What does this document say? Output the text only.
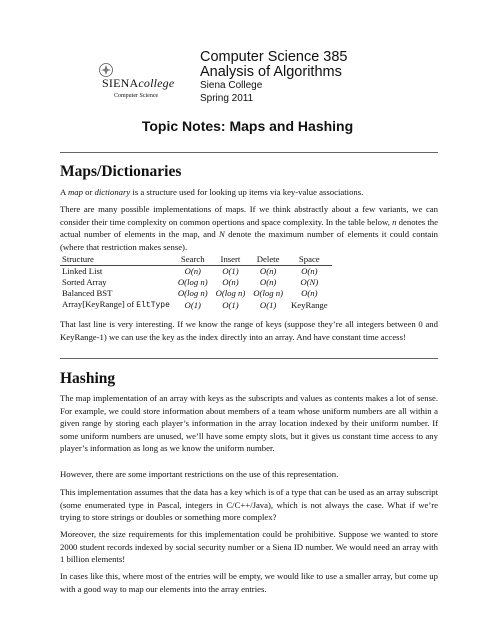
SIENAcollege
Computer Science
Computer Science 385
Analysis of Algorithms
Siena College
Spring 2011
Topic Notes: Maps and Hashing
Maps/Dictionaries

A map or dictionary is a structure used for looking up items via key-value associations.

There are many possible implementations of maps. If we think abstractly about a few variants, we can consider their time complexity on common opertions and space complexity. In the table below, n denotes the actual number of elements in the map, and N denote the maximum number of elements it could contain (where that restriction makes sense).

Structure	Search	Insert	Delete	Space
Linked List	O(n)	O(1)	O(n)	O(n)
Sorted Array	O(log n)	O(n)	O(n)	O(N)
Balanced BST	O(log n)	O(log n)	O(log n)	O(n)
Array[KeyRange] of EltType	O(1)	O(1)	O(1)	KeyRange

That last line is very interesting. If we know the range of keys (suppose they’re all integers between 0 and KeyRange-1) we can use the key as the index directly into an array. And have constant time access!

Hashing

The map implementation of an array with keys as the subscripts and values as contents makes a lot of sense. For example, we could store information about members of a team whose uniform numbers are all within a given range by storing each player’s information in the array location indexed by their uniform number. If some uniform numbers are unused, we’ll have some empty slots, but it gives us constant time access to any player’s information as long as we know the uniform number.

However, there are some important restrictions on the use of this representation.

This implementation assumes that the data has a key which is of a type that can be used as an array subscript (some enumerated type in Pascal, integers in C/C++/Java), which is not always the case. What if we’re trying to store strings or doubles or something more complex?

Moreover, the size requirements for this implementation could be prohibitive. Suppose we wanted to store 2000 student records indexed by social security number or a Siena ID number. We would need an array with 1 billion elements!

In cases like this, where most of the entries will be empty, we would like to use a smaller array, but come up with a good way to map our elements into the array entries.
